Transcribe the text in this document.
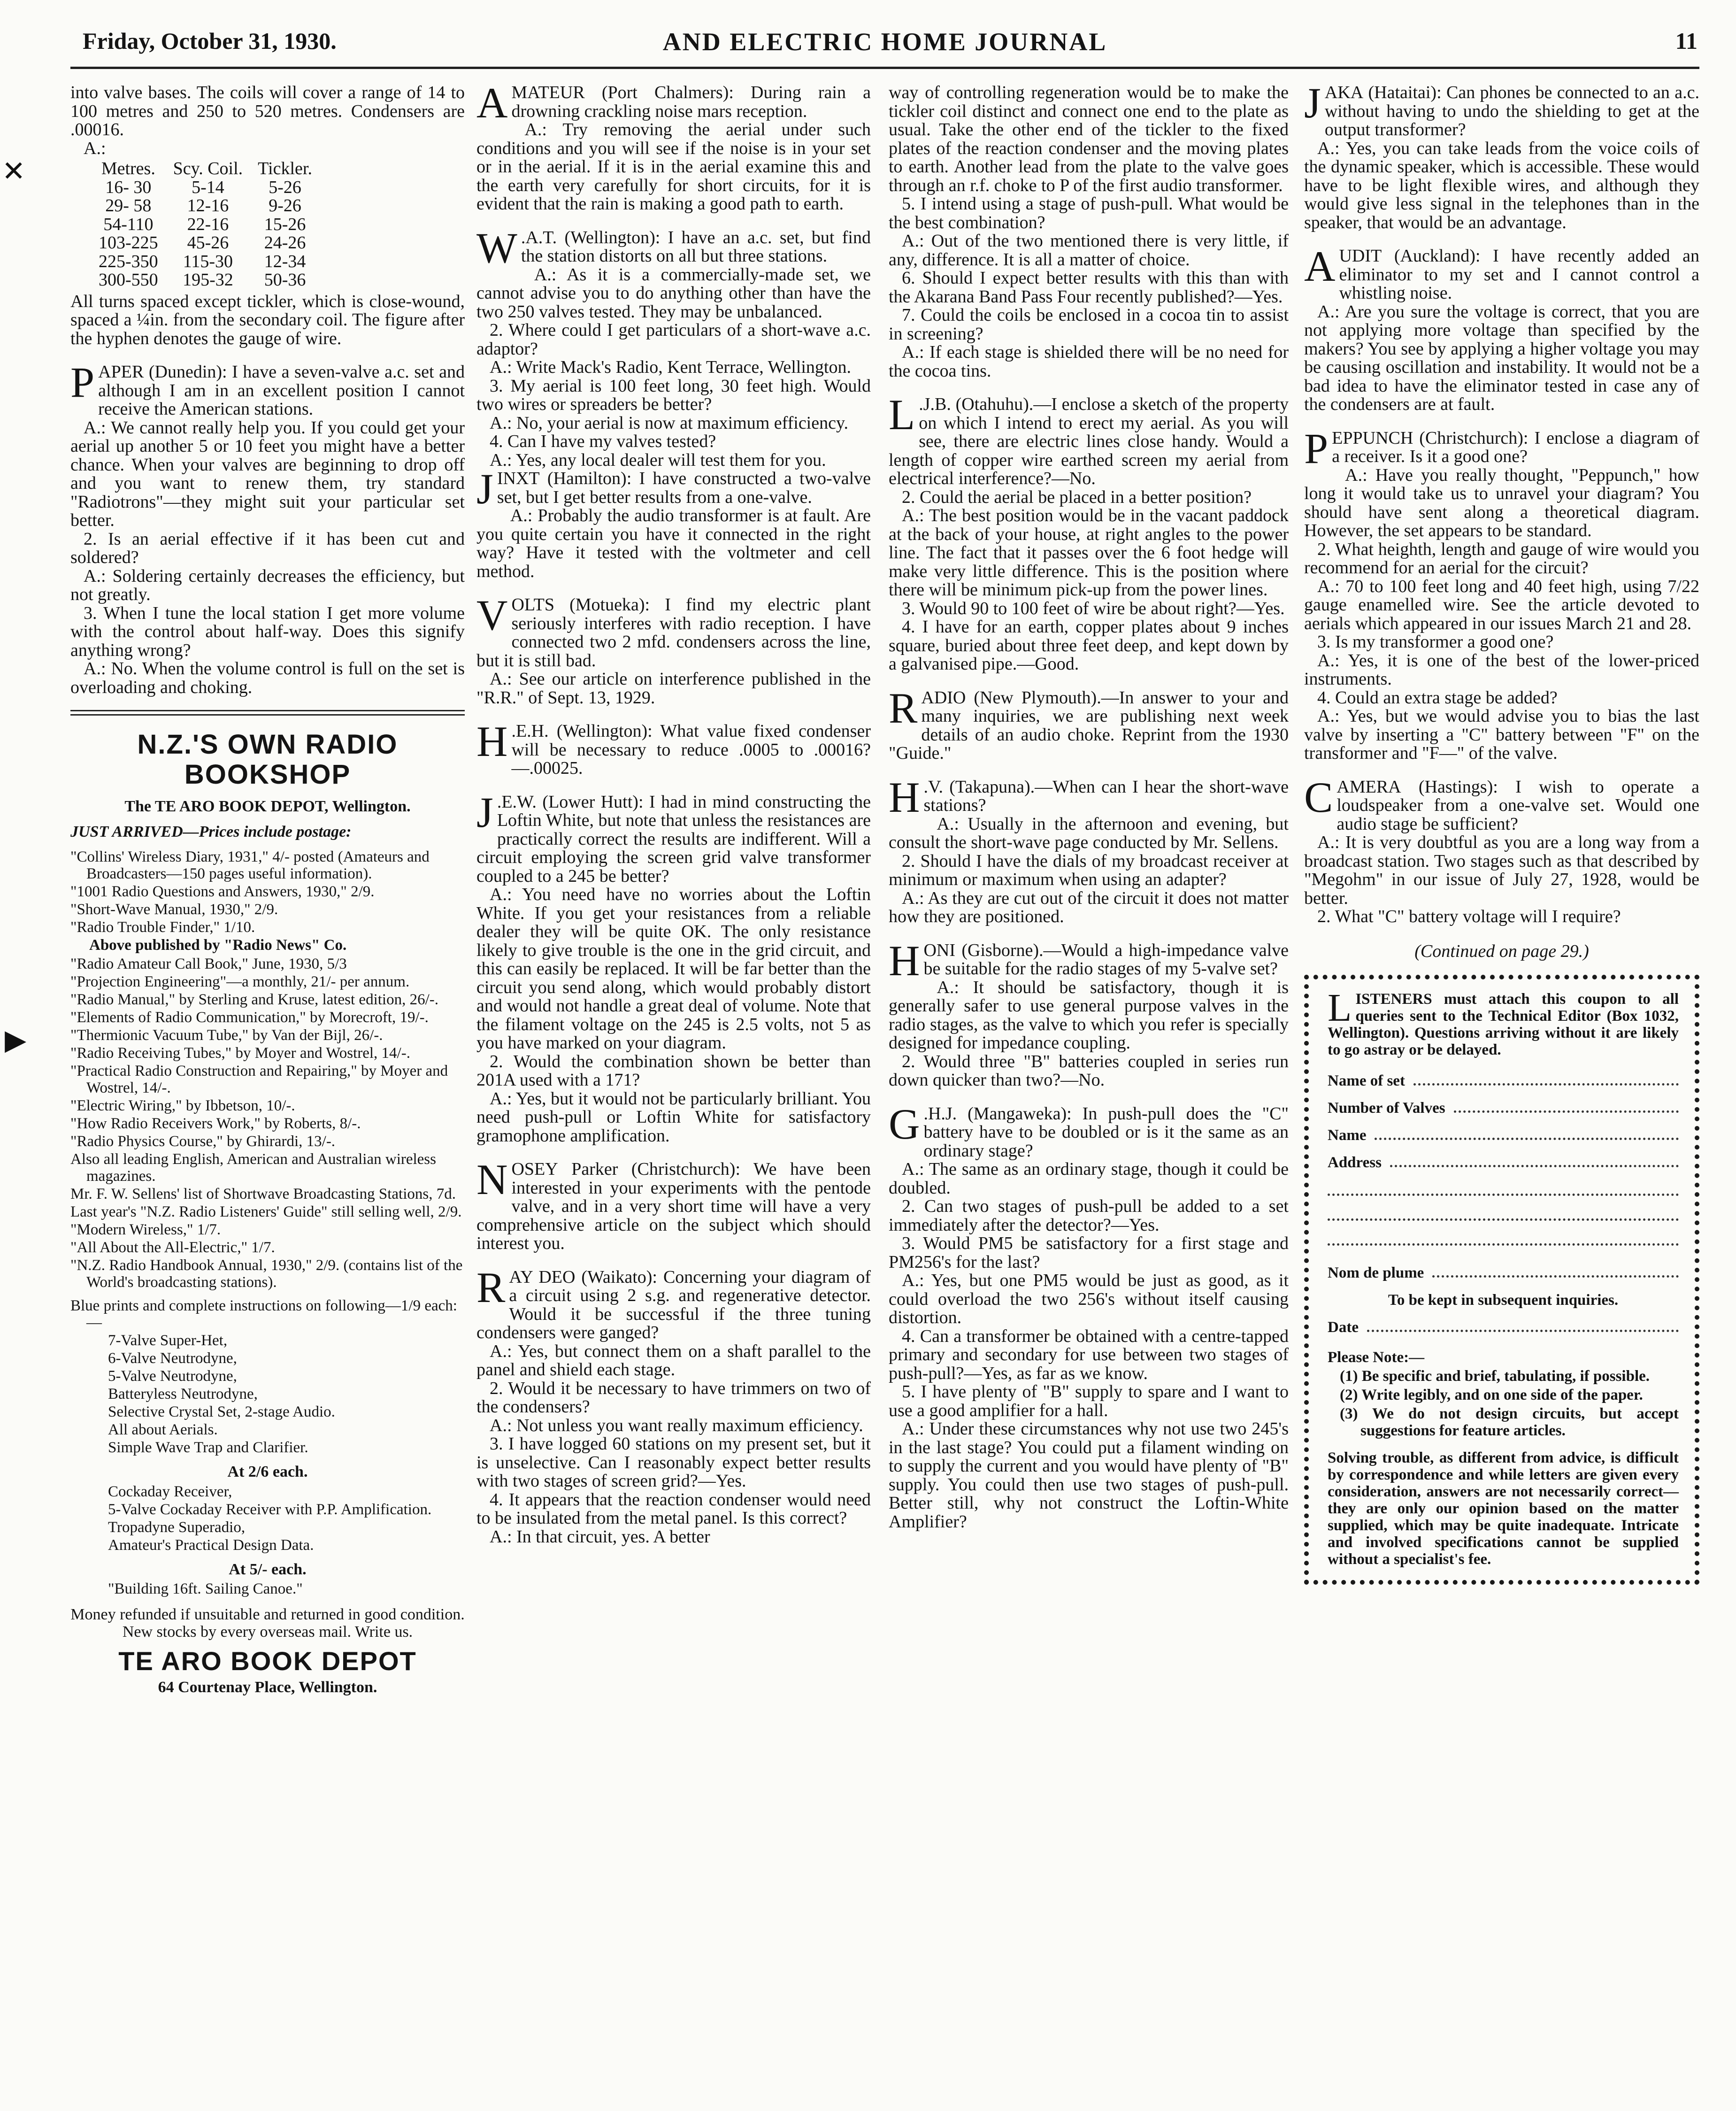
Friday, October 31, 1930.	AND ELECTRIC HOME JOURNAL	11

into valve bases. The coils will cover a range of 14 to 100 metres and 250 to 520 metres. Condensers are .00016.

A.:

Metres.	Scy. Coil.	Tickler.
16- 30	5-14	5-26
29- 58	12-16	9-26
54-110	22-16	15-26
103-225	45-26	24-26
225-350	115-30	12-34
300-550	195-32	50-36

All turns spaced except tickler, which is close-wound, spaced a ¼in. from the secondary coil. The figure after the hyphen denotes the gauge of wire.

PAPER (Dunedin): I have a seven-valve a.c. set and although I am in an excellent position I cannot receive the American stations.

A.: We cannot really help you. If you could get your aerial up another 5 or 10 feet you might have a better chance. When your valves are beginning to drop off and you want to renew them, try standard "Radiotrons"—they might suit your particular set better.

2. Is an aerial effective if it has been cut and soldered?

A.: Soldering certainly decreases the efficiency, but not greatly.

3. When I tune the local station I get more volume with the control about half-way. Does this signify anything wrong?

A.: No. When the volume control is full on the set is overloading and choking.

N.Z.'S OWN RADIO BOOKSHOP
The TE ARO BOOK DEPOT, Wellington.
JUST ARRIVED—Prices include postage:
"Collins' Wireless Diary, 1931," 4/- posted (Amateurs and Broadcasters—150 pages useful information).
"1001 Radio Questions and Answers, 1930," 2/9.
"Short-Wave Manual, 1930," 2/9.
"Radio Trouble Finder," 1/10.
Above published by "Radio News" Co.
"Radio Amateur Call Book," June, 1930, 5/3
"Projection Engineering"—a monthly, 21/- per annum.
"Radio Manual," by Sterling and Kruse, latest edition, 26/-.
"Elements of Radio Communication," by Morecroft, 19/-.
"Thermionic Vacuum Tube," by Van der Bijl, 26/-.
"Radio Receiving Tubes," by Moyer and Wostrel, 14/-.
"Practical Radio Construction and Repairing," by Moyer and Wostrel, 14/-.
"Electric Wiring," by Ibbetson, 10/-.
"How Radio Receivers Work," by Roberts, 8/-.
"Radio Physics Course," by Ghirardi, 13/-.
Also all leading English, American and Australian wireless magazines.
Mr. F. W. Sellens' list of Shortwave Broadcasting Stations, 7d.
Last year's "N.Z. Radio Listeners' Guide" still selling well, 2/9.
"Modern Wireless," 1/7.
"All About the All-Electric," 1/7.
"N.Z. Radio Handbook Annual, 1930," 2/9. (contains list of the World's broadcasting stations).
Blue prints and complete instructions on following—1/9 each:—
7-Valve Super-Het,
6-Valve Neutrodyne,
5-Valve Neutrodyne,
Batteryless Neutrodyne,
Selective Crystal Set, 2-stage Audio.
All about Aerials.
Simple Wave Trap and Clarifier.
At 2/6 each.
Cockaday Receiver,
5-Valve Cockaday Receiver with P.P. Amplification.
Tropadyne Superadio,
Amateur's Practical Design Data.
At 5/- each.
"Building 16ft. Sailing Canoe."
Money refunded if unsuitable and returned in good condition. New stocks by every overseas mail. Write us.
TE ARO BOOK DEPOT
64 Courtenay Place, Wellington.

AMATEUR (Port Chalmers): During rain a drowning crackling noise mars reception.

A.: Try removing the aerial under such conditions and you will see if the noise is in your set or in the aerial. If it is in the aerial examine this and the earth very carefully for short circuits, for it is evident that the rain is making a good path to earth.

W .A.T. (Wellington): I have an a.c. set, but find the station distorts on all but three stations.

A.: As it is a commercially-made set, we cannot advise you to do anything other than have the two 250 valves tested. They may be unbalanced.

2. Where could I get particulars of a short-wave a.c. adaptor?

A.: Write Mack's Radio, Kent Terrace, Wellington.

3. My aerial is 100 feet long, 30 feet high. Would two wires or spreaders be better?

A.: No, your aerial is now at maximum efficiency.

4. Can I have my valves tested?

A.: Yes, any local dealer will test them for you.

JINXT (Hamilton): I have constructed a two-valve set, but I get better results from a one-valve.

A.: Probably the audio transformer is at fault. Are you quite certain you have it connected in the right way? Have it tested with the voltmeter and cell method.

VOLTS (Motueka): I find my electric plant seriously interferes with radio reception. I have connected two 2 mfd. condensers across the line, but it is still bad.

A.: See our article on interference published in the "R.R." of Sept. 13, 1929.

H .E.H. (Wellington): What value fixed condenser will be necessary to reduce .0005 to .00016?—.00025.

J .E.W. (Lower Hutt): I had in mind constructing the Loftin White, but note that unless the resistances are practically correct the results are indifferent. Will a circuit employing the screen grid valve transformer coupled to a 245 be better?

A.: You need have no worries about the Loftin White. If you get your resistances from a reliable dealer they will be quite OK. The only resistance likely to give trouble is the one in the grid circuit, and this can easily be replaced. It will be far better than the circuit you send along, which would probably distort and would not handle a great deal of volume. Note that the filament voltage on the 245 is 2.5 volts, not 5 as you have marked on your diagram.

2. Would the combination shown be better than 201A used with a 171?

A.: Yes, but it would not be particularly brilliant. You need push-pull or Loftin White for satisfactory gramophone amplification.

NOSEY Parker (Christchurch): We have been interested in your experiments with the pentode valve, and in a very short time will have a very comprehensive article on the subject which should interest you.

RAY DEO (Waikato): Concerning your diagram of a circuit using 2 s.g. and regenerative detector. Would it be successful if the three tuning condensers were ganged?

A.: Yes, but connect them on a shaft parallel to the panel and shield each stage.

2. Would it be necessary to have trimmers on two of the condensers?

A.: Not unless you want really maximum efficiency.

3. I have logged 60 stations on my present set, but it is unselective. Can I reasonably expect better results with two stages of screen grid?—Yes.

4. It appears that the reaction condenser would need to be insulated from the metal panel. Is this correct?

A.: In that circuit, yes. A better

way of controlling regeneration would be to make the tickler coil distinct and connect one end to the plate as usual. Take the other end of the tickler to the fixed plates of the reaction condenser and the moving plates to earth. Another lead from the plate to the valve goes through an r.f. choke to P of the first audio transformer.

5. I intend using a stage of push-pull. What would be the best combination?

A.: Out of the two mentioned there is very little, if any, difference. It is all a matter of choice.

6. Should I expect better results with this than with the Akarana Band Pass Four recently published?—Yes.

7. Could the coils be enclosed in a cocoa tin to assist in screening?

A.: If each stage is shielded there will be no need for the cocoa tins.

L .J.B. (Otahuhu).—I enclose a sketch of the property on which I intend to erect my aerial. As you will see, there are electric lines close handy. Would a length of copper wire earthed screen my aerial from electrical interference?—No.

2. Could the aerial be placed in a better position?

A.: The best position would be in the vacant paddock at the back of your house, at right angles to the power line. The fact that it passes over the 6 foot hedge will make very little difference. This is the position where there will be minimum pick-up from the power lines.

3. Would 90 to 100 feet of wire be about right?—Yes.

4. I have for an earth, copper plates about 9 inches square, buried about three feet deep, and kept down by a galvanised pipe.—Good.

RADIO (New Plymouth).—In answer to your and many inquiries, we are publishing next week details of an audio choke. Reprint from the 1930 "Guide."

H .V. (Takapuna).—When can I hear the short-wave stations?

A.: Usually in the afternoon and evening, but consult the short-wave page conducted by Mr. Sellens.

2. Should I have the dials of my broadcast receiver at minimum or maximum when using an adapter?

A.: As they are cut out of the circuit it does not matter how they are positioned.

HONI (Gisborne).—Would a high-impedance valve be suitable for the radio stages of my 5-valve set?

A.: It should be satisfactory, though it is generally safer to use general purpose valves in the radio stages, as the valve to which you refer is specially designed for impedance coupling.

2. Would three "B" batteries coupled in series run down quicker than two?—No.

G .H.J. (Mangaweka): In push-pull does the "C" battery have to be doubled or is it the same as an ordinary stage?

A.: The same as an ordinary stage, though it could be doubled.

2. Can two stages of push-pull be added to a set immediately after the detector?—Yes.

3. Would PM5 be satisfactory for a first stage and PM256's for the last?

A.: Yes, but one PM5 would be just as good, as it could overload the two 256's without itself causing distortion.

4. Can a transformer be obtained with a centre-tapped primary and secondary for use between two stages of push-pull?—Yes, as far as we know.

5. I have plenty of "B" supply to spare and I want to use a good amplifier for a hall.

A.: Under these circumstances why not use two 245's in the last stage? You could put a filament winding on to supply the current and you would have plenty of "B" supply. You could then use two stages of push-pull. Better still, why not construct the Loftin-White Amplifier?

JAKA (Hataitai): Can phones be connected to an a.c. without having to undo the shielding to get at the output transformer?

A.: Yes, you can take leads from the voice coils of the dynamic speaker, which is accessible. These would have to be light flexible wires, and although they would give less signal in the telephones than in the speaker, that would be an advantage.

AUDIT (Auckland): I have recently added an eliminator to my set and I cannot control a whistling noise.

A.: Are you sure the voltage is correct, that you are not applying more voltage than specified by the makers? You see by applying a higher voltage you may be causing oscillation and instability. It would not be a bad idea to have the eliminator tested in case any of the condensers are at fault.

PEPPUNCH (Christchurch): I enclose a diagram of a receiver. Is it a good one?

A.: Have you really thought, "Peppunch," how long it would take us to unravel your diagram? You should have sent along a theoretical diagram. However, the set appears to be standard.

2. What heighth, length and gauge of wire would you recommend for an aerial for the circuit?

A.: 70 to 100 feet long and 40 feet high, using 7/22 gauge enamelled wire. See the article devoted to aerials which appeared in our issues March 21 and 28.

3. Is my transformer a good one?

A.: Yes, it is one of the best of the lower-priced instruments.

4. Could an extra stage be added?

A.: Yes, but we would advise you to bias the last valve by inserting a "C" battery between "F" on the transformer and "F—" of the valve.

CAMERA (Hastings): I wish to operate a loudspeaker from a one-valve set. Would one audio stage be sufficient?

A.: It is very doubtful as you are a long way from a broadcast station. Two stages such as that described by "Megohm" in our issue of July 27, 1928, would be better.

2. What "C" battery voltage will I require?

(Continued on page 29.)

LISTENERS must attach this coupon to all queries sent to the Technical Editor (Box 1032, Wellington). Questions arriving without it are likely to go astray or be delayed.

Name of set
Number of Valves
Name
Address
Nom de plume

To be kept in subsequent inquiries.

Date

Please Note:—

(1) Be specific and brief, tabulating, if possible.

(2) Write legibly, and on one side of the paper.

(3) We do not design circuits, but accept suggestions for feature articles.

Solving trouble, as different from advice, is difficult by correspondence and while letters are given every consideration, answers are not necessarily correct—they are only our opinion based on the matter supplied, which may be quite inadequate. Intricate and involved specifications cannot be supplied without a specialist's fee.

✕
▶
